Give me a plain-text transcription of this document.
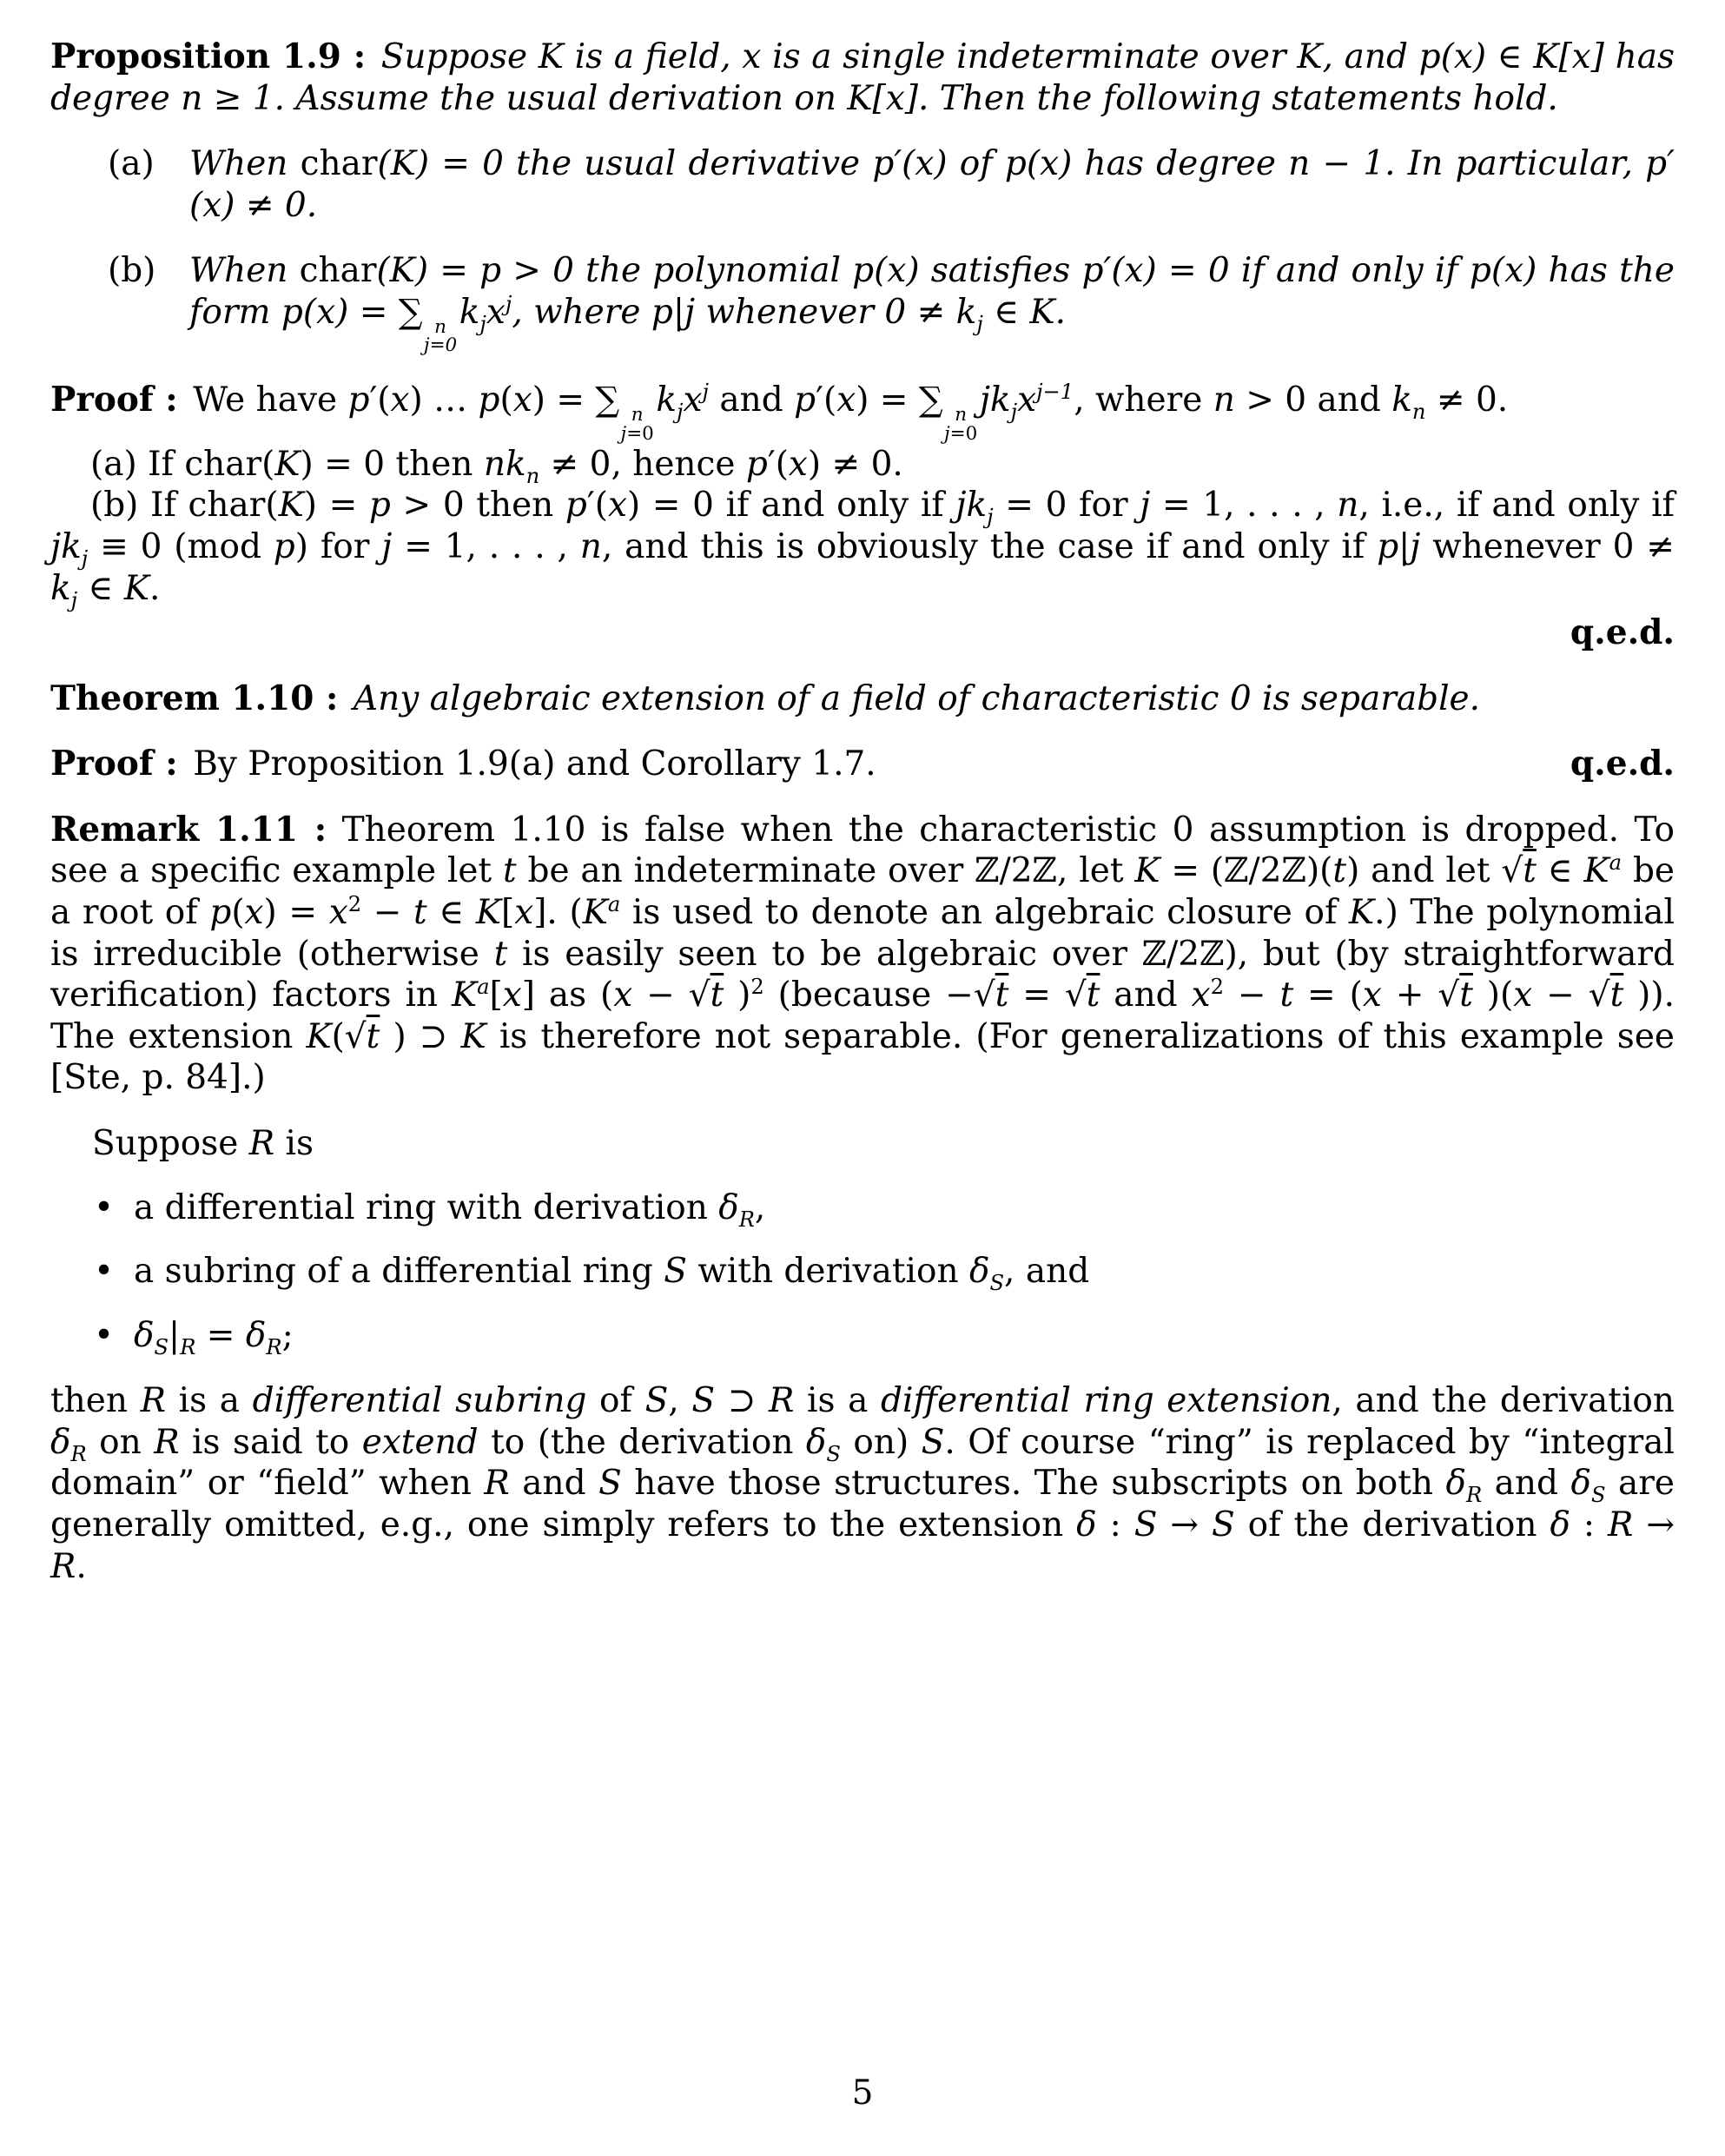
Proposition 1.9 : Suppose K is a field, x is a single indeterminate over K, and p(x) ∈ K[x] has degree n ≥ 1. Assume the usual derivation on K[x]. Then the following statements hold.

(a)	When char(K) = 0 the usual derivative p′(x) of p(x) has degree n − 1. In particular, p′(x) ≠ 0.
(b) When char(K) = p > 0 the polynomial p(x) satisfies p′(x) = 0 if and only if p(x) has the form p(x) = ∑ n
j=0
$k_jx^j$, where p|j whenever $0 \ne k_j$ ∈ K.

Proof : We have p′(x) … p(x) = ∑ n
j=0
$k_jx^j$ and p′(x) = ∑ n
j=0
$jk_jx^{j-1}$, where n > 0 and $k_n \ne 0$.

(a) If char(K) = 0 then $nk_n \ne 0$, hence p′(x) ≠ 0.

(b) If char(K) = p > 0 then p′(x) = 0 if and only if $jk_j = 0$ for j = 1, . . . , n, i.e., if and only if $jk_j \equiv 0$ (mod p) for j = 1, . . . , n, and this is obviously the case if and only if p|j whenever $0 \ne k_j$ ∈ K.

q.e.d.

Theorem 1.10 : Any algebraic extension of a field of characteristic 0 is separable.

Proof : By Proposition 1.9(a) and Corollary 1.7.	q.e.d.

Remark 1.11 : Theorem 1.10 is false when the characteristic 0 assumption is dropped. To see a specific example let t be an indeterminate over ℤ/2ℤ, let K = (ℤ/2ℤ)(t) and let √t ∈ $K^a$ be a root of $p(x) = x^2 - t$ ∈ K[x]. ($K^a$ is used to denote an algebraic closure of K.) The polynomial is irreducible (otherwise t is easily seen to be algebraic over ℤ/2ℤ), but (by straightforward verification) factors in $K^a[x]$ as (x − √t )$^2$ (because −√t = √t and $x^2 - t = (x + √t$ )(x − √t )). The extension K(√t ) ⊃ K is therefore not separable. (For generalizations of this example see [Ste, p. 84].)

Suppose R is

• a differential ring with derivation $\delta_R$,
• a subring of a differential ring S with derivation $\delta_S$, and
• $\delta_S|_R = \delta_R$;

then R is a differential subring of S, S ⊃ R is a differential ring extension, and the derivation $\delta_R$ on R is said to extend to (the derivation $\delta_S$ on) S. Of course “ring” is replaced by “integral domain” or “field” when R and S have those structures. The subscripts on both $\delta_R$ and $\delta_S$ are generally omitted, e.g., one simply refers to the extension δ : S → S of the derivation δ : R → R.

5
